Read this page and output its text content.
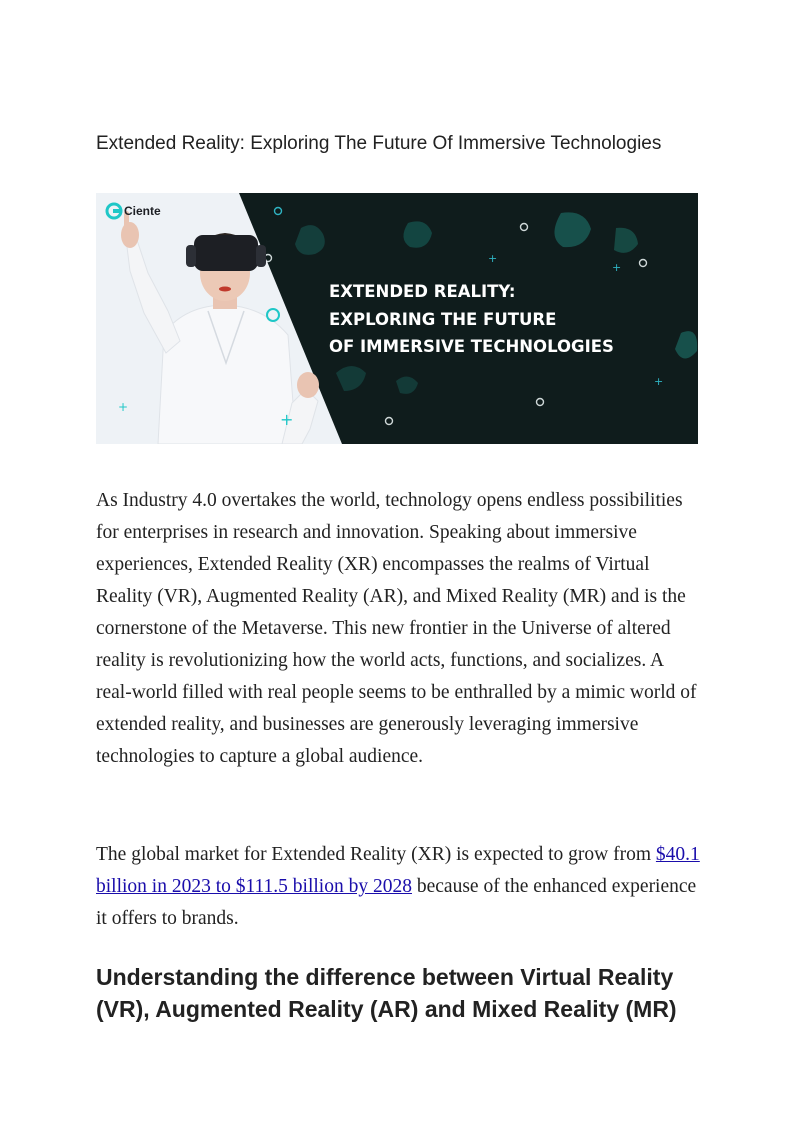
Extended Reality: Exploring The Future Of Immersive Technologies
+
+
+
+
+
Ciente
EXTENDED REALITY:
EXPLORING THE FUTURE
OF IMMERSIVE TECHNOLOGIES

As Industry 4.0 overtakes the world, technology opens endless possibilities for enterprises in research and innovation. Speaking about immersive experiences, Extended Reality (XR) encompasses the realms of Virtual Reality (VR), Augmented Reality (AR), and Mixed Reality (MR) and is the cornerstone of the Metaverse. This new frontier in the Universe of altered reality is revolutionizing how the world acts, functions, and socializes. A real-world filled with real people seems to be enthralled by a mimic world of extended reality, and businesses are generously leveraging immersive technologies to capture a global audience.

The global market for Extended Reality (XR) is expected to grow from $40.1 billion in 2023 to $111.5 billion by 2028 because of the enhanced experience it offers to brands.

Understanding the difference between Virtual Reality (VR), Augmented Reality (AR) and Mixed Reality (MR)
